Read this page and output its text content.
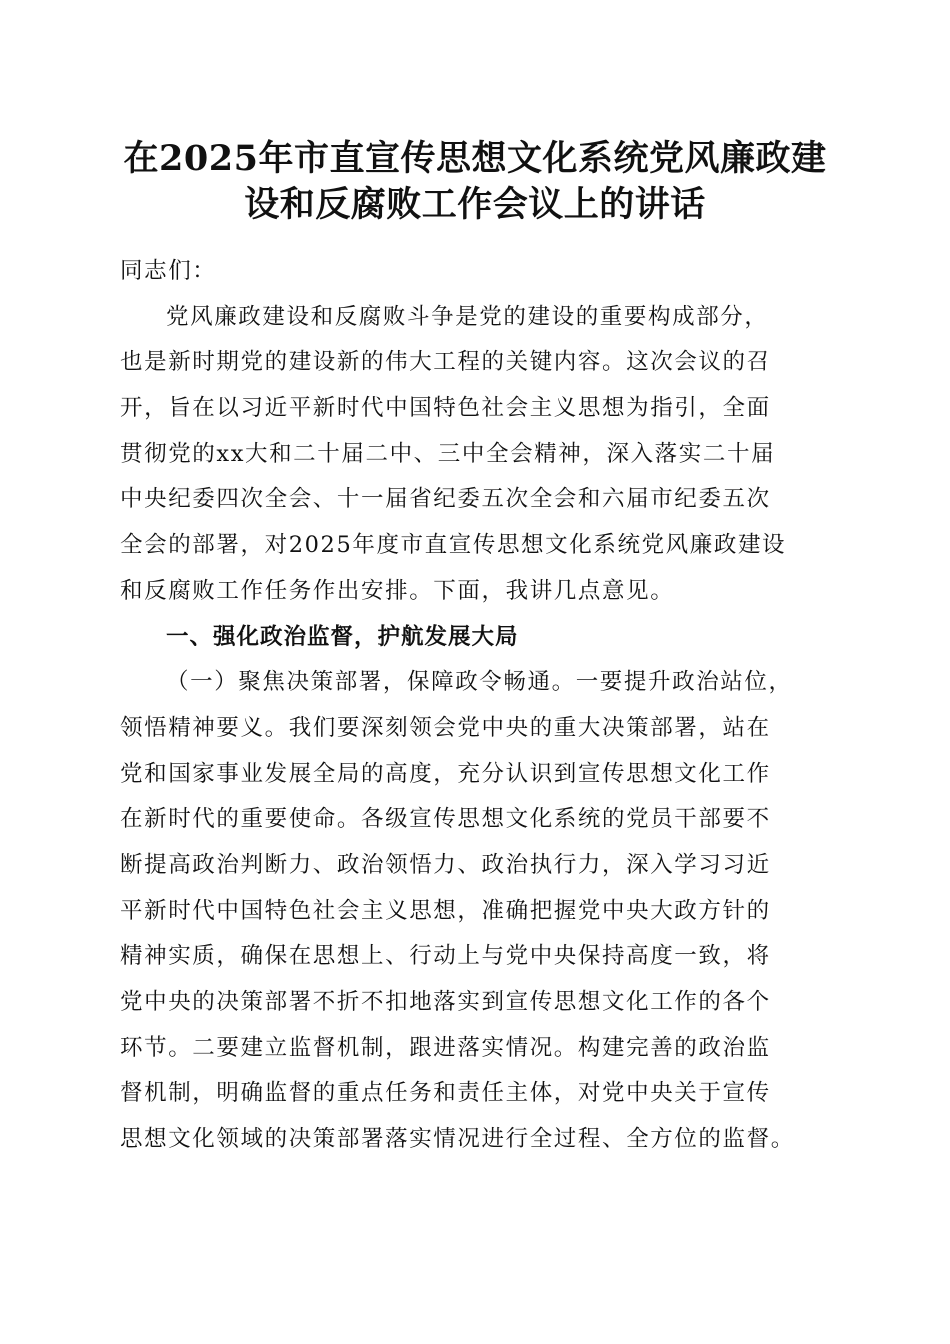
在2025年市直宣传思想文化系统党风廉政建
设和反腐败工作会议上的讲话
同志们：
党风廉政建设和反腐败斗争是党的建设的重要构成部分，
也是新时期党的建设新的伟大工程的关键内容。这次会议的召
开，旨在以习近平新时代中国特色社会主义思想为指引，全面
贯彻党的xx大和二十届二中、三中全会精神，深入落实二十届
中央纪委四次全会、十一届省纪委五次全会和六届市纪委五次
全会的部署，对2025年度市直宣传思想文化系统党风廉政建设
和反腐败工作任务作出安排。下面，我讲几点意见。
一、强化政治监督，护航发展大局
（一）聚焦决策部署，保障政令畅通。一要提升政治站位，
领悟精神要义。我们要深刻领会党中央的重大决策部署，站在
党和国家事业发展全局的高度，充分认识到宣传思想文化工作
在新时代的重要使命。各级宣传思想文化系统的党员干部要不
断提高政治判断力、政治领悟力、政治执行力，深入学习习近
平新时代中国特色社会主义思想，准确把握党中央大政方针的
精神实质，确保在思想上、行动上与党中央保持高度一致，将
党中央的决策部署不折不扣地落实到宣传思想文化工作的各个
环节。二要建立监督机制，跟进落实情况。构建完善的政治监
督机制，明确监督的重点任务和责任主体，对党中央关于宣传
思想文化领域的决策部署落实情况进行全过程、全方位的监督。
